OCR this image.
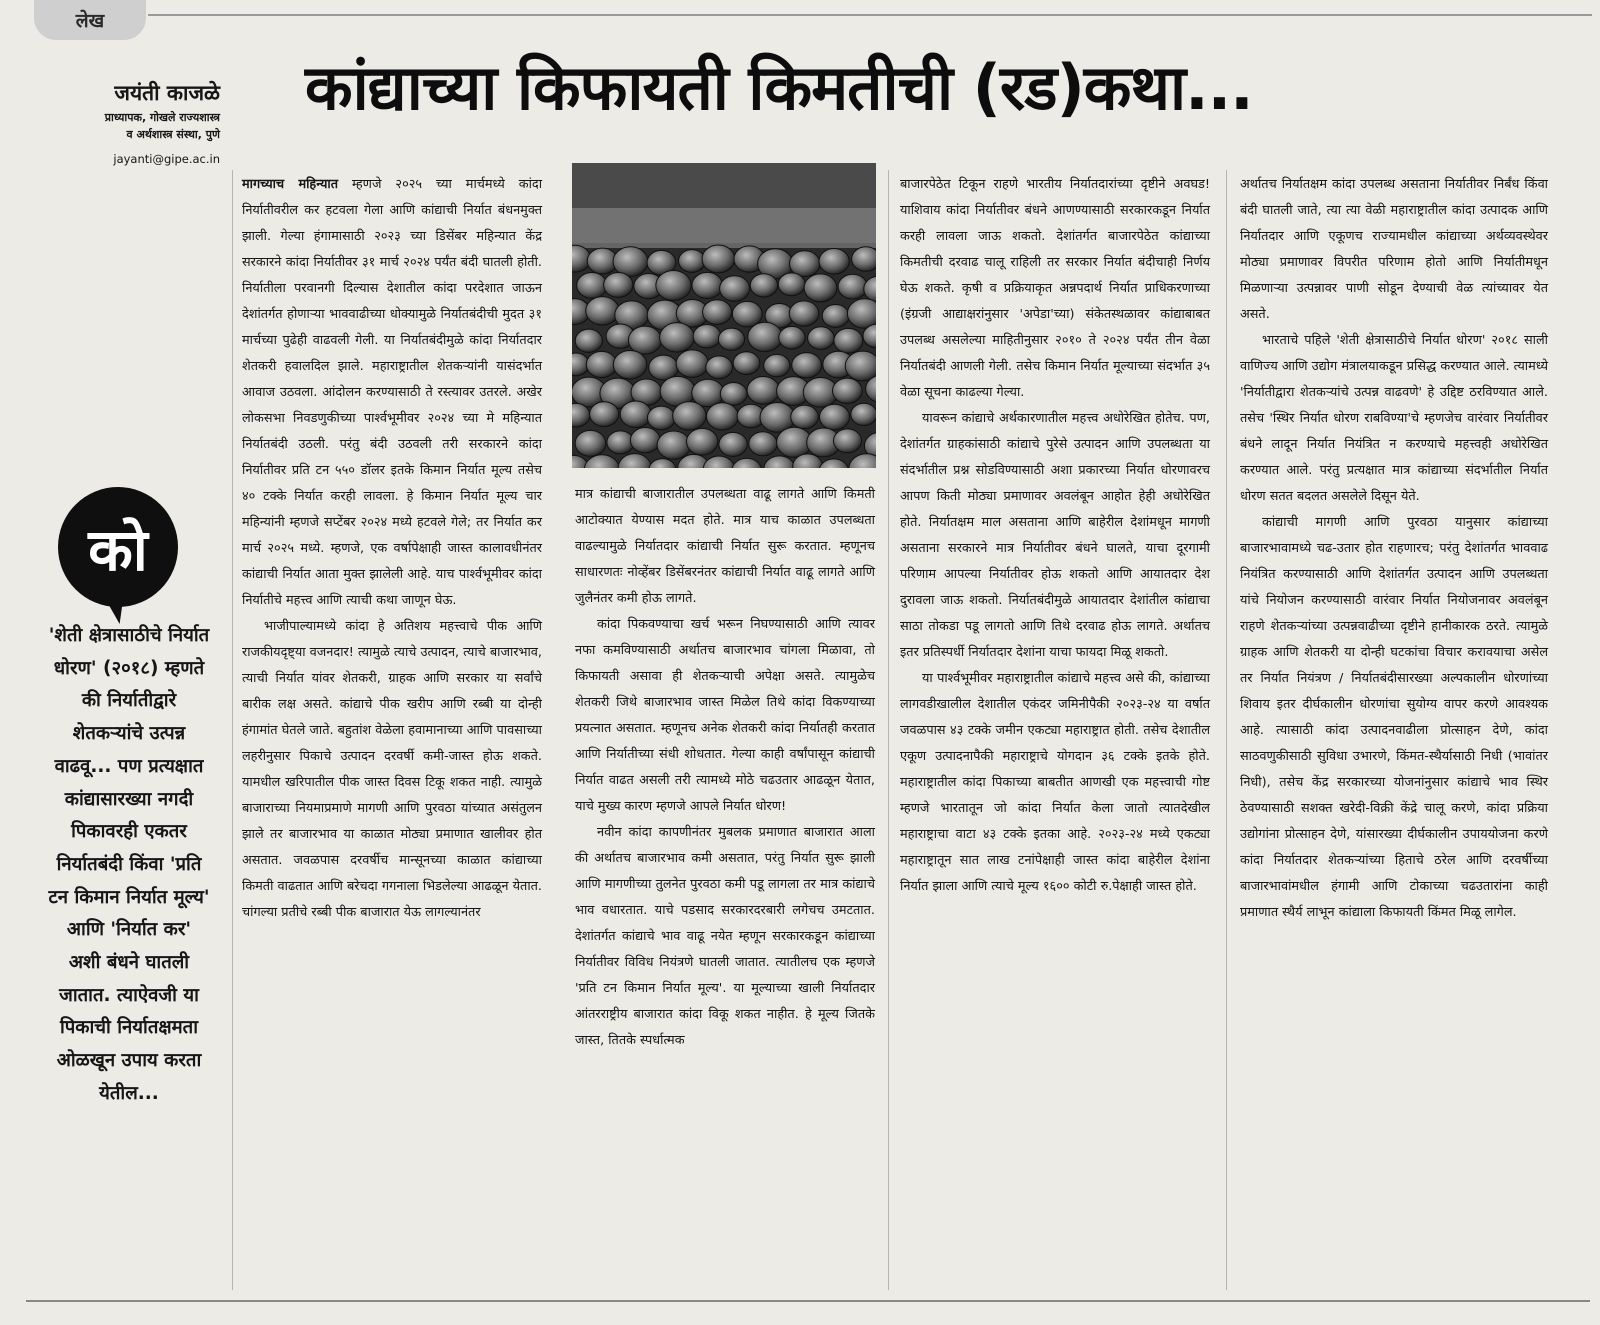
लेख
कांद्याच्या किफायती किमतीची (रड)कथा...
जयंती काजळे
प्राध्यापक, गोखले राज्यशास्त्र
व अर्थशास्त्र संस्था, पुणे
jayanti@gipe.ac.in
को
'शेती क्षेत्रासाठीचे निर्यात धोरण' (२०१८) म्हणते की निर्यातीद्वारे शेतकऱ्यांचे उत्पन्न वाढवू... पण प्रत्यक्षात कांद्यासारख्या नगदी पिकावरही एकतर निर्यातबंदी किंवा 'प्रति टन किमान निर्यात मूल्य' आणि 'निर्यात कर' अशी बंधने घातली जातात. त्याऐवजी या पिकाची निर्यातक्षमता ओळखून उपाय करता येतील...

मागच्याच महिन्यात म्हणजे २०२५ च्या मार्चमध्ये कांदा निर्यातीवरील कर हटवला गेला आणि कांद्याची निर्यात बंधनमुक्त झाली. गेल्या हंगामासाठी २०२३ च्या डिसेंबर महिन्यात केंद्र सरकारने कांदा निर्यातीवर ३१ मार्च २०२४ पर्यंत बंदी घातली होती. निर्यातीला परवानगी दिल्यास देशातील कांदा परदेशात जाऊन देशांतर्गत होणाऱ्या भाववाढीच्या धोक्यामुळे निर्यातबंदीची मुदत ३१ मार्चच्या पुढेही वाढवली गेली. या निर्यातबंदीमुळे कांदा निर्यातदार शेतकरी हवालदिल झाले. महाराष्ट्रातील शेतकऱ्यांनी यासंदर्भात आवाज उठवला. आंदोलन करण्यासाठी ते रस्त्यावर उतरले. अखेर लोकसभा निवडणुकीच्या पार्श्वभूमीवर २०२४ च्या मे महिन्यात निर्यातबंदी उठली. परंतु बंदी उठवली तरी सरकारने कांदा निर्यातीवर प्रति टन ५५० डॉलर इतके किमान निर्यात मूल्य तसेच ४० टक्के निर्यात करही लावला. हे किमान निर्यात मूल्य चार महिन्यांनी म्हणजे सप्टेंबर २०२४ मध्ये हटवले गेले; तर निर्यात कर मार्च २०२५ मध्ये. म्हणजे, एक वर्षापेक्षाही जास्त कालावधीनंतर कांद्याची निर्यात आता मुक्त झालेली आहे. याच पार्श्वभूमीवर कांदा निर्यातीचे महत्त्व आणि त्याची कथा जाणून घेऊ.

भाजीपाल्यामध्ये कांदा हे अतिशय महत्त्वाचे पीक आणि राजकीयदृष्ट्या वजनदार! त्यामुळे त्याचे उत्पादन, त्याचे बाजारभाव, त्याची निर्यात यांवर शेतकरी, ग्राहक आणि सरकार या सर्वांचे बारीक लक्ष असते. कांद्याचे पीक खरीप आणि रब्बी या दोन्ही हंगामांत घेतले जाते. बहुतांश वेळेला हवामानाच्या आणि पावसाच्या लहरीनुसार पिकाचे उत्पादन दरवर्षी कमी-जास्त होऊ शकते. यामधील खरिपातील पीक जास्त दिवस टिकू शकत नाही. त्यामुळे बाजाराच्या नियमाप्रमाणे मागणी आणि पुरवठा यांच्यात असंतुलन झाले तर बाजारभाव या काळात मोठ्या प्रमाणात खालीवर होत असतात. जवळपास दरवर्षीच मान्सूनच्या काळात कांद्याच्या किमती वाढतात आणि बरेचदा गगनाला भिडलेल्या आढळून येतात. चांगल्या प्रतीचे रब्बी पीक बाजारात येऊ लागल्यानंतर

मात्र कांद्याची बाजारातील उपलब्धता वाढू लागते आणि किमती आटोक्यात येण्यास मदत होते. मात्र याच काळात उपलब्धता वाढल्यामुळे निर्यातदार कांद्याची निर्यात सुरू करतात. म्हणूनच साधारणतः नोव्हेंबर डिसेंबरनंतर कांद्याची निर्यात वाढू लागते आणि जुलैनंतर कमी होऊ लागते.

कांदा पिकवण्याचा खर्च भरून निघण्यासाठी आणि त्यावर नफा कमविण्यासाठी अर्थातच बाजारभाव चांगला मिळावा, तो किफायती असावा ही शेतकऱ्याची अपेक्षा असते. त्यामुळेच शेतकरी जिथे बाजारभाव जास्त मिळेल तिथे कांदा विकण्याच्या प्रयत्नात असतात. म्हणूनच अनेक शेतकरी कांदा निर्यातही करतात आणि निर्यातीच्या संधी शोधतात. गेल्या काही वर्षांपासून कांद्याची निर्यात वाढत असली तरी त्यामध्ये मोठे चढउतार आढळून येतात, याचे मुख्य कारण म्हणजे आपले निर्यात धोरण!

नवीन कांदा कापणीनंतर मुबलक प्रमाणात बाजारात आला की अर्थातच बाजारभाव कमी असतात, परंतु निर्यात सुरू झाली आणि मागणीच्या तुलनेत पुरवठा कमी पडू लागला तर मात्र कांद्याचे भाव वधारतात. याचे पडसाद सरकारदरबारी लगेचच उमटतात. देशांतर्गत कांद्याचे भाव वाढू नयेत म्हणून सरकारकडून कांद्याच्या निर्यातीवर विविध नियंत्रणे घातली जातात. त्यातीलच एक म्हणजे 'प्रति टन किमान निर्यात मूल्य'. या मूल्याच्या खाली निर्यातदार आंतरराष्ट्रीय बाजारात कांदा विकू शकत नाहीत. हे मूल्य जितके जास्त, तितके स्पर्धात्मक

बाजारपेठेत टिकून राहणे भारतीय निर्यातदारांच्या दृष्टीने अवघड! याशिवाय कांदा निर्यातीवर बंधने आणण्यासाठी सरकारकडून निर्यात करही लावला जाऊ शकतो. देशांतर्गत बाजारपेठेत कांद्याच्या किमतीची दरवाढ चालू राहिली तर सरकार निर्यात बंदीचाही निर्णय घेऊ शकते. कृषी व प्रक्रियाकृत अन्नपदार्थ निर्यात प्राधिकरणाच्या (इंग्रजी आद्याक्षरांनुसार 'अपेडा'च्या) संकेतस्थळावर कांद्याबाबत उपलब्ध असलेल्या माहितीनुसार २०१० ते २०२४ पर्यंत तीन वेळा निर्यातबंदी आणली गेली. तसेच किमान निर्यात मूल्याच्या संदर्भात ३५ वेळा सूचना काढल्या गेल्या.

यावरून कांद्याचे अर्थकारणातील महत्त्व अधोरेखित होतेच. पण, देशांतर्गत ग्राहकांसाठी कांद्याचे पुरेसे उत्पादन आणि उपलब्धता या संदर्भातील प्रश्न सोडविण्यासाठी अशा प्रकारच्या निर्यात धोरणावरच आपण किती मोठ्या प्रमाणावर अवलंबून आहोत हेही अधोरेखित होते. निर्यातक्षम माल असताना आणि बाहेरील देशांमधून मागणी असताना सरकारने मात्र निर्यातीवर बंधने घालते, याचा दूरगामी परिणाम आपल्या निर्यातीवर होऊ शकतो आणि आयातदार देश दुरावला जाऊ शकतो. निर्यातबंदीमुळे आयातदार देशांतील कांद्याचा साठा तोकडा पडू लागतो आणि तिथे दरवाढ होऊ लागते. अर्थातच इतर प्रतिस्पर्धी निर्यातदार देशांना याचा फायदा मिळू शकतो.

या पार्श्वभूमीवर महाराष्ट्रातील कांद्याचे महत्त्व असे की, कांद्याच्या लागवडीखालील देशातील एकंदर जमिनीपैकी २०२३-२४ या वर्षात जवळपास ४३ टक्के जमीन एकट्या महाराष्ट्रात होती. तसेच देशातील एकूण उत्पादनापैकी महाराष्ट्राचे योगदान ३६ टक्के इतके होते. महाराष्ट्रातील कांदा पिकाच्या बाबतीत आणखी एक महत्त्वाची गोष्ट म्हणजे भारतातून जो कांदा निर्यात केला जातो त्यातदेखील महाराष्ट्राचा वाटा ४३ टक्के इतका आहे. २०२३-२४ मध्ये एकट्या महाराष्ट्रातून सात लाख टनांपेक्षाही जास्त कांदा बाहेरील देशांना निर्यात झाला आणि त्याचे मूल्य १६०० कोटी रु.पेक्षाही जास्त होते.

अर्थातच निर्यातक्षम कांदा उपलब्ध असताना निर्यातीवर निर्बंध किंवा बंदी घातली जाते, त्या त्या वेळी महाराष्ट्रातील कांदा उत्पादक आणि निर्यातदार आणि एकूणच राज्यामधील कांद्याच्या अर्थव्यवस्थेवर मोठ्या प्रमाणावर विपरीत परिणाम होतो आणि निर्यातीमधून मिळणाऱ्या उत्पन्नावर पाणी सोडून देण्याची वेळ त्यांच्यावर येत असते.

भारताचे पहिले 'शेती क्षेत्रासाठीचे निर्यात धोरण' २०१८ साली वाणिज्य आणि उद्योग मंत्रालयाकडून प्रसिद्ध करण्यात आले. त्यामध्ये 'निर्यातीद्वारा शेतकऱ्यांचे उत्पन्न वाढवणे' हे उद्दिष्ट ठरविण्यात आले. तसेच 'स्थिर निर्यात धोरण राबविण्या'चे म्हणजेच वारंवार निर्यातीवर बंधने लादून निर्यात नियंत्रित न करण्याचे महत्त्वही अधोरेखित करण्यात आले. परंतु प्रत्यक्षात मात्र कांद्याच्या संदर्भातील निर्यात धोरण सतत बदलत असलेले दिसून येते.

कांद्याची मागणी आणि पुरवठा यानुसार कांद्याच्या बाजारभावामध्ये चढ-उतार होत राहणारच; परंतु देशांतर्गत भाववाढ नियंत्रित करण्यासाठी आणि देशांतर्गत उत्पादन आणि उपलब्धता यांचे नियोजन करण्यासाठी वारंवार निर्यात नियोजनावर अवलंबून राहणे शेतकऱ्यांच्या उत्पन्नवाढीच्या दृष्टीने हानीकारक ठरते. त्यामुळे ग्राहक आणि शेतकरी या दोन्ही घटकांचा विचार करावयाचा असेल तर निर्यात नियंत्रण / निर्यातबंदीसारख्या अल्पकालीन धोरणांच्या शिवाय इतर दीर्घकालीन धोरणांचा सुयोग्य वापर करणे आवश्यक आहे. त्यासाठी कांदा उत्पादनवाढीला प्रोत्साहन देणे, कांदा साठवणुकीसाठी सुविधा उभारणे, किंमत-स्थैर्यासाठी निधी (भावांतर निधी), तसेच केंद्र सरकारच्या योजनांनुसार कांद्याचे भाव स्थिर ठेवण्यासाठी सशक्त खरेदी-विक्री केंद्रे चालू करणे, कांदा प्रक्रिया उद्योगांना प्रोत्साहन देणे, यांसारख्या दीर्घकालीन उपाययोजना करणे कांदा निर्यातदार शेतकऱ्यांच्या हिताचे ठरेल आणि दरवर्षीच्या बाजारभावांमधील हंगामी आणि टोकाच्या चढउतारांना काही प्रमाणात स्थैर्य लाभून कांद्याला किफायती किंमत मिळू लागेल.
